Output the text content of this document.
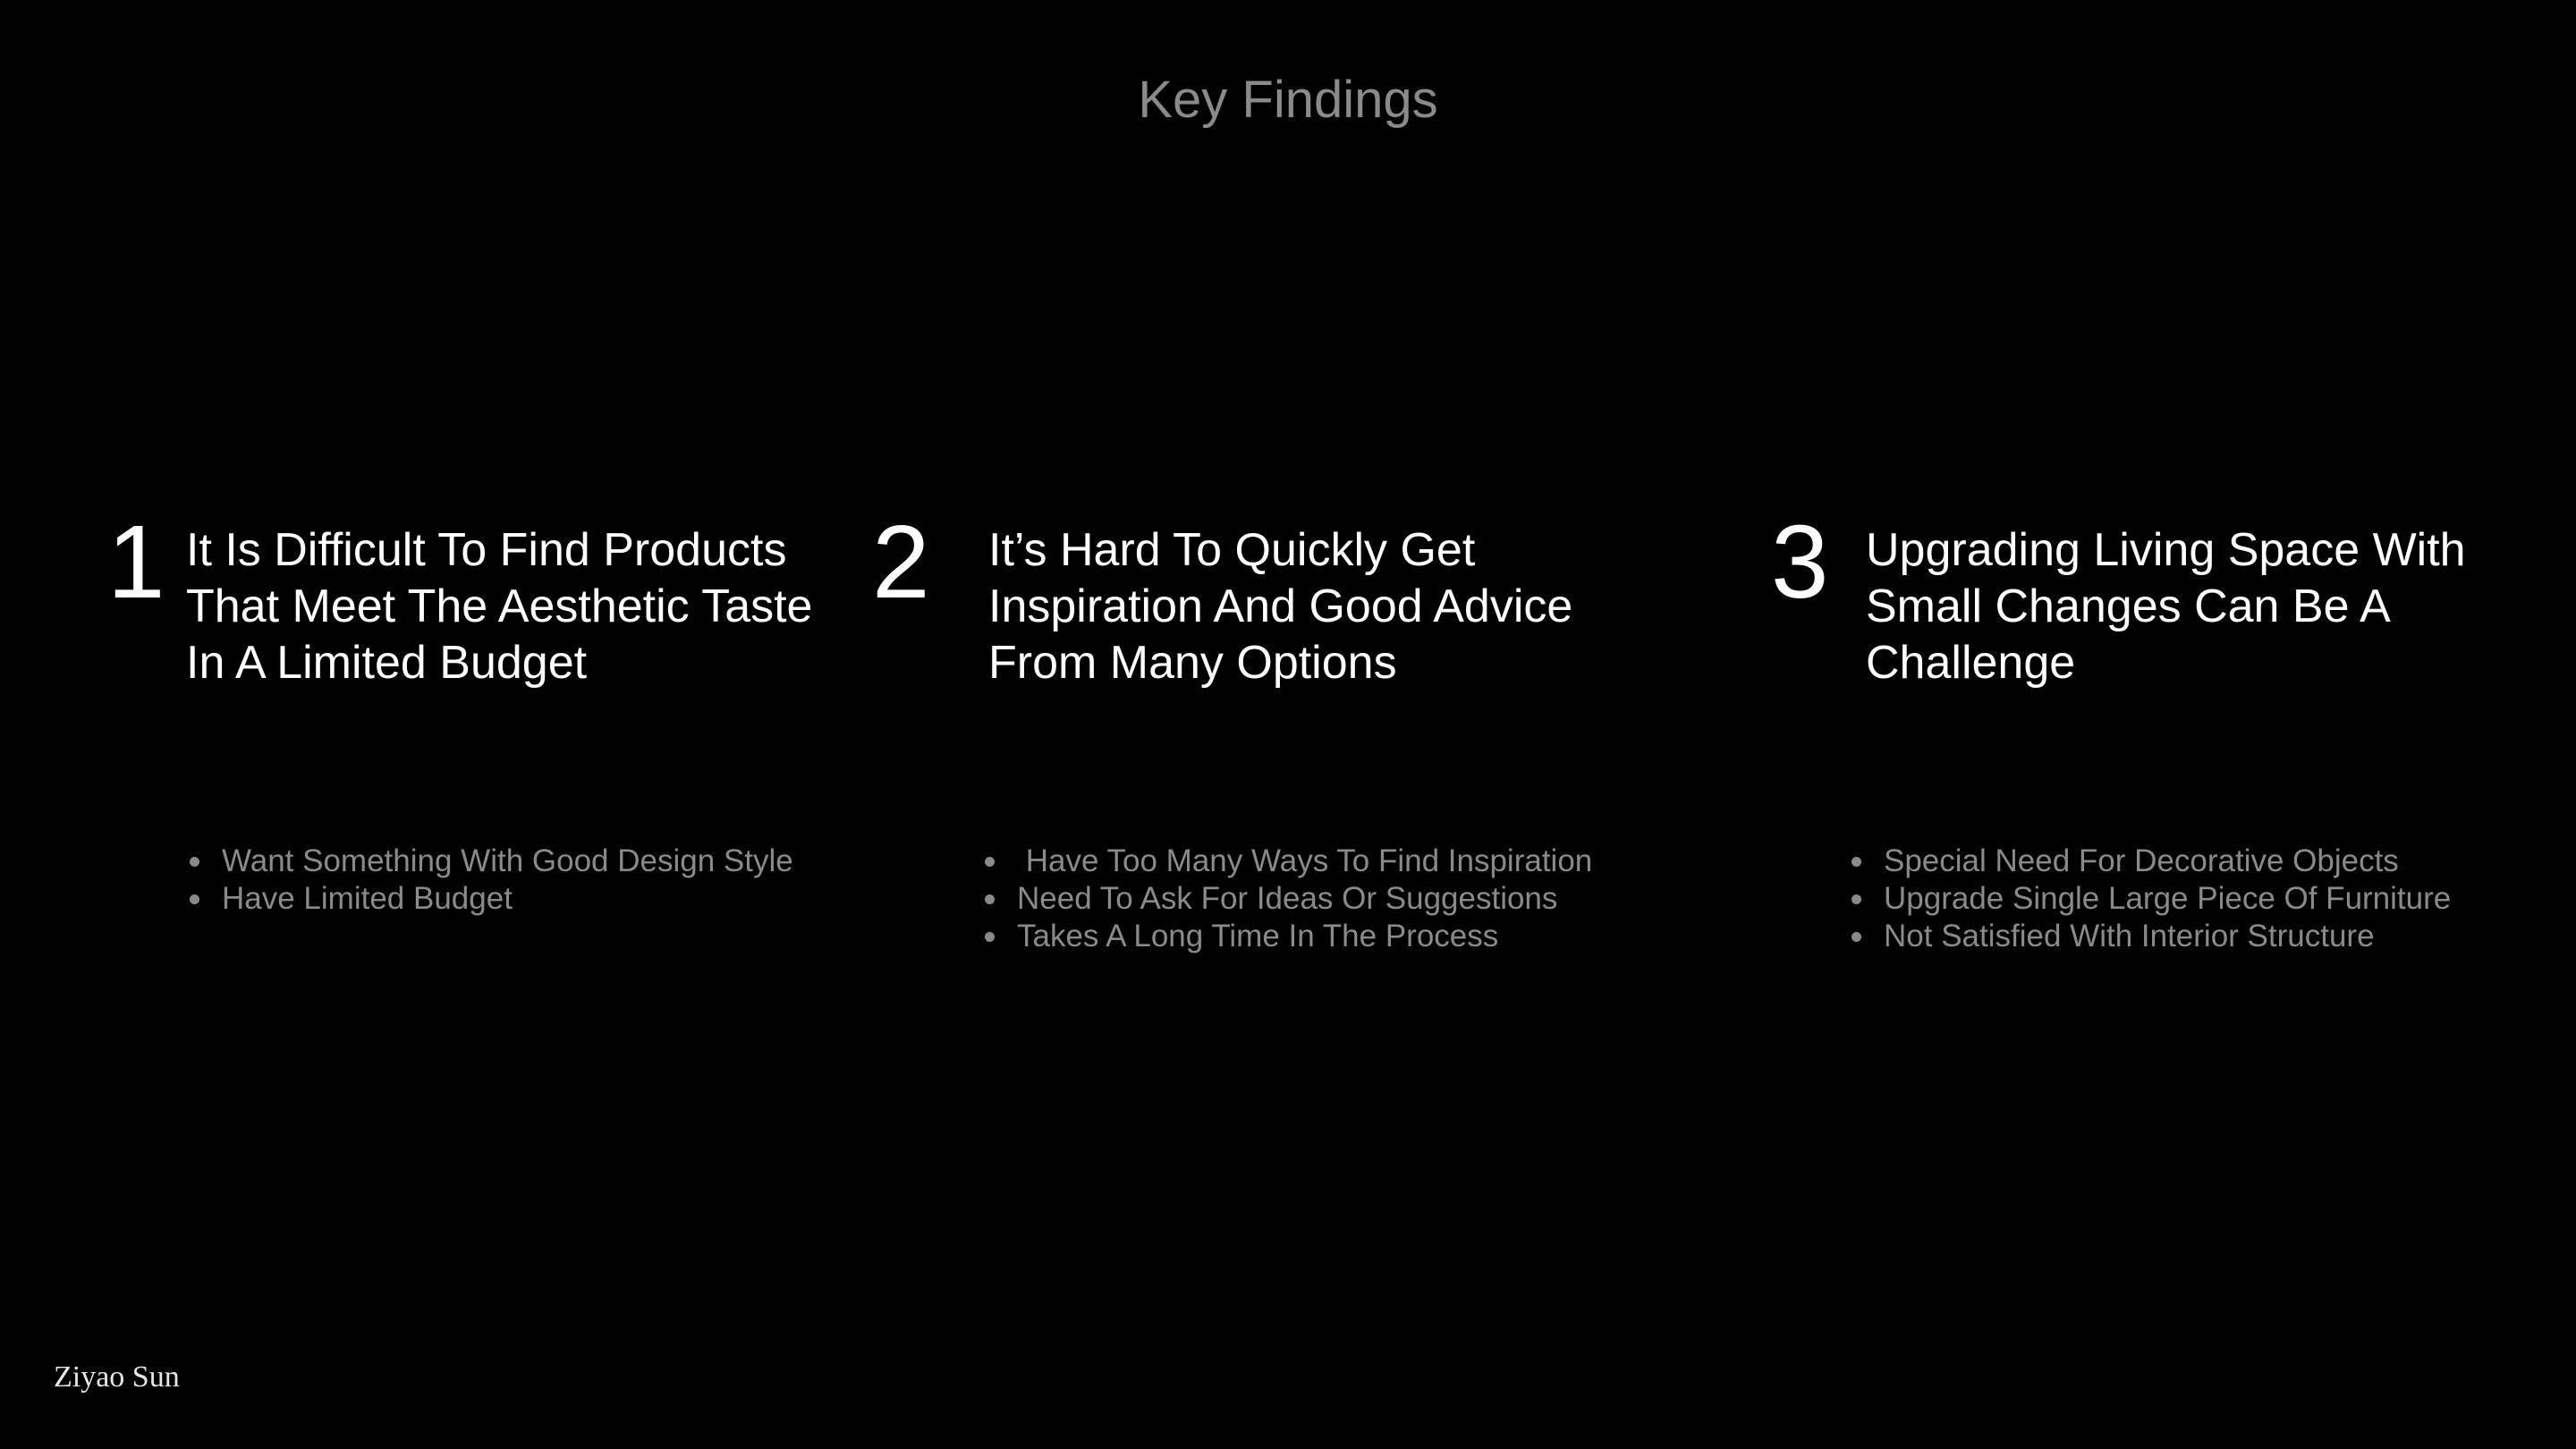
Key Findings
1 It Is Difficult To Find Products That Meet The Aesthetic Taste In A Limited Budget
Want Something With Good Design Style
Have Limited Budget
2 It’s Hard To Quickly Get Inspiration And Good Advice From Many Options
Have Too Many Ways To Find Inspiration
Need To Ask For Ideas Or Suggestions
Takes A Long Time In The Process
3 Upgrading Living Space With Small Changes Can Be A Challenge
Special Need For Decorative Objects
Upgrade Single Large Piece Of Furniture
Not Satisfied With Interior Structure
Ziyao Sun
